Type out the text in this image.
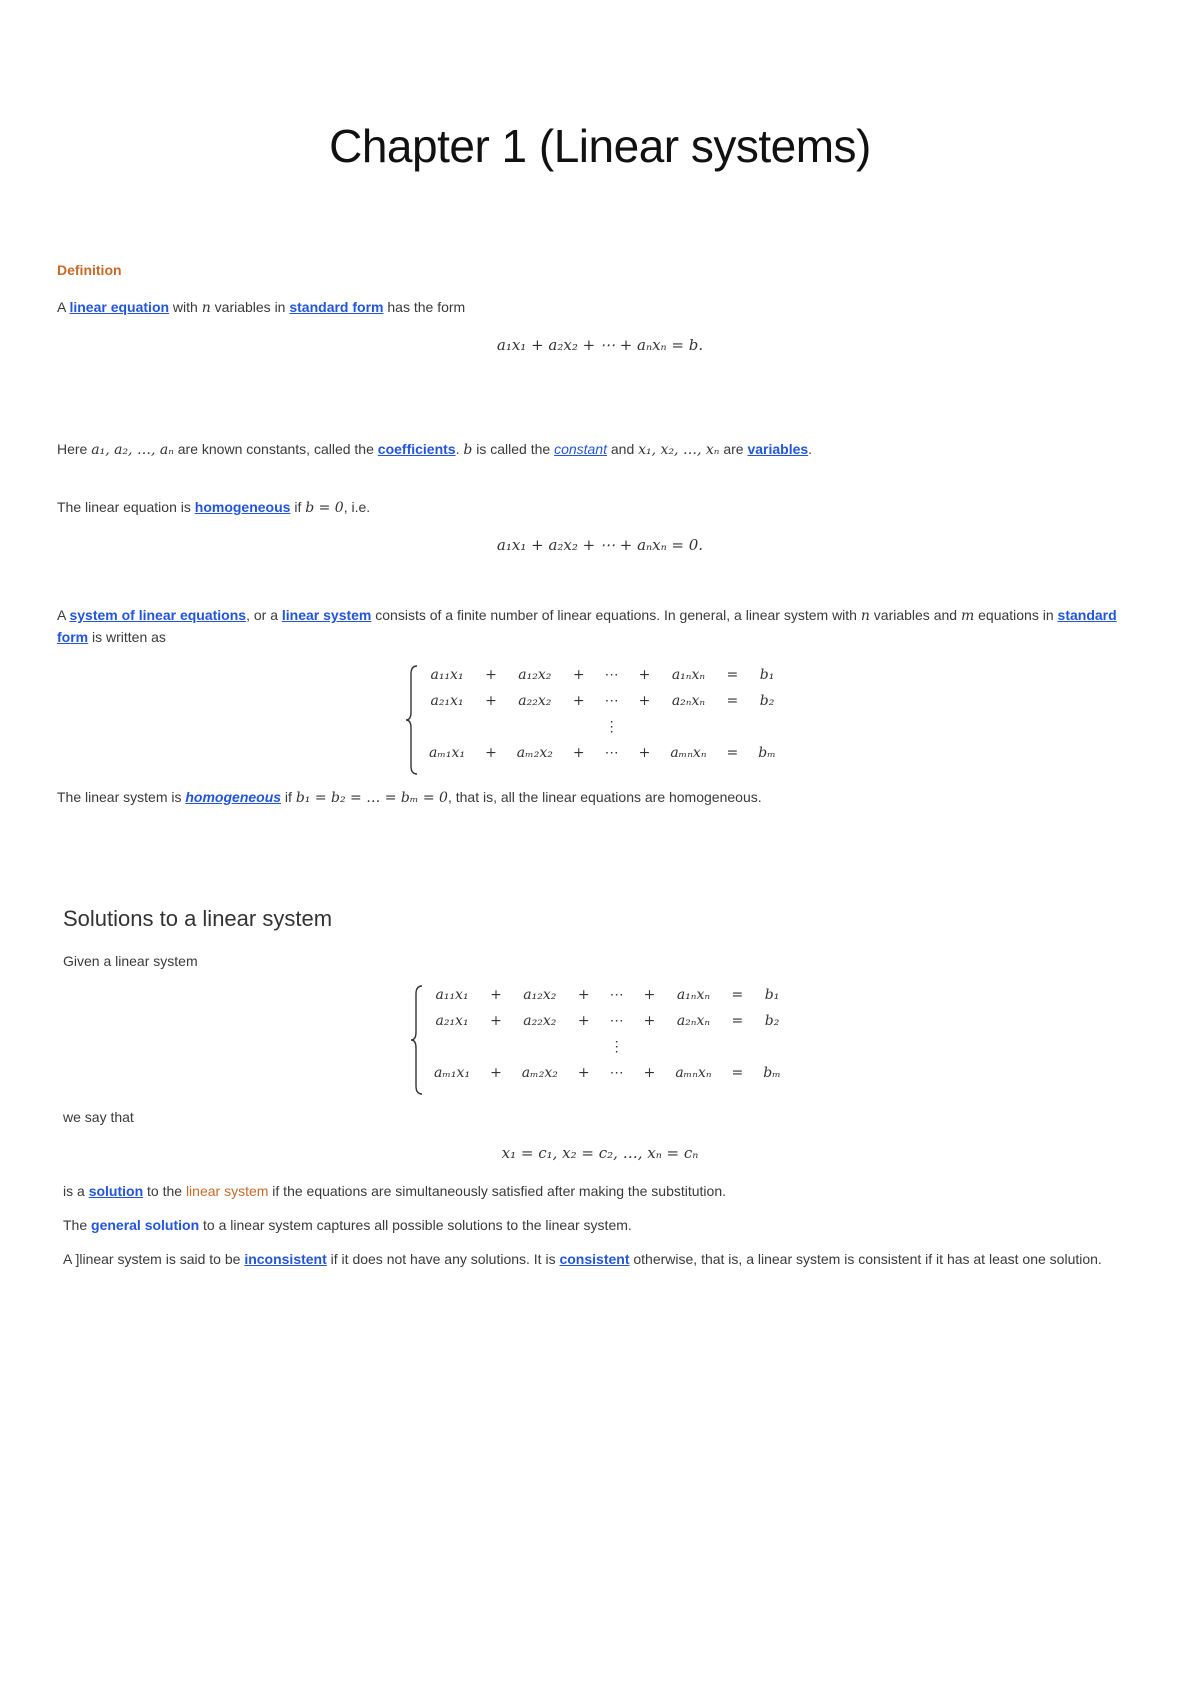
Chapter 1 (Linear systems)
Definition
A linear equation with n variables in standard form has the form
a₁x₁ + a₂x₂ + ⋯ + aₙxₙ = b.
Here a₁, a₂, …, aₙ are known constants, called the coefficients. b is called the constant and x₁, x₂, …, xₙ are variables.
The linear equation is homogeneous if b = 0, i.e.
a₁x₁ + a₂x₂ + ⋯ + aₙxₙ = 0.
A system of linear equations, or a linear system consists of a finite number of linear equations. In general, a linear system with n variables and m equations in standard
form is written as
a₁₁x₁	+	a₁₂x₂	+	⋯	+	a₁ₙxₙ	=	b₁
a₂₁x₁	+	a₂₂x₂	+	⋯	+	a₂ₙxₙ	=	b₂
				⋮				
aₘ₁x₁	+	aₘ₂x₂	+	⋯	+	aₘₙxₙ	=	bₘ
The linear system is homogeneous if b₁ = b₂ = … = bₘ = 0, that is, all the linear equations are homogeneous.
Solutions to a linear system
Given a linear system
a₁₁x₁	+	a₁₂x₂	+	⋯	+	a₁ₙxₙ	=	b₁
a₂₁x₁	+	a₂₂x₂	+	⋯	+	a₂ₙxₙ	=	b₂
				⋮				
aₘ₁x₁	+	aₘ₂x₂	+	⋯	+	aₘₙxₙ	=	bₘ
we say that
x₁ = c₁, x₂ = c₂, …, xₙ = cₙ
is a solution to the linear system if the equations are simultaneously satisfied after making the substitution.
The general solution to a linear system captures all possible solutions to the linear system.
A ]linear system is said to be inconsistent if it does not have any solutions. It is consistent otherwise, that is, a linear system is consistent if it has at least one solution.
